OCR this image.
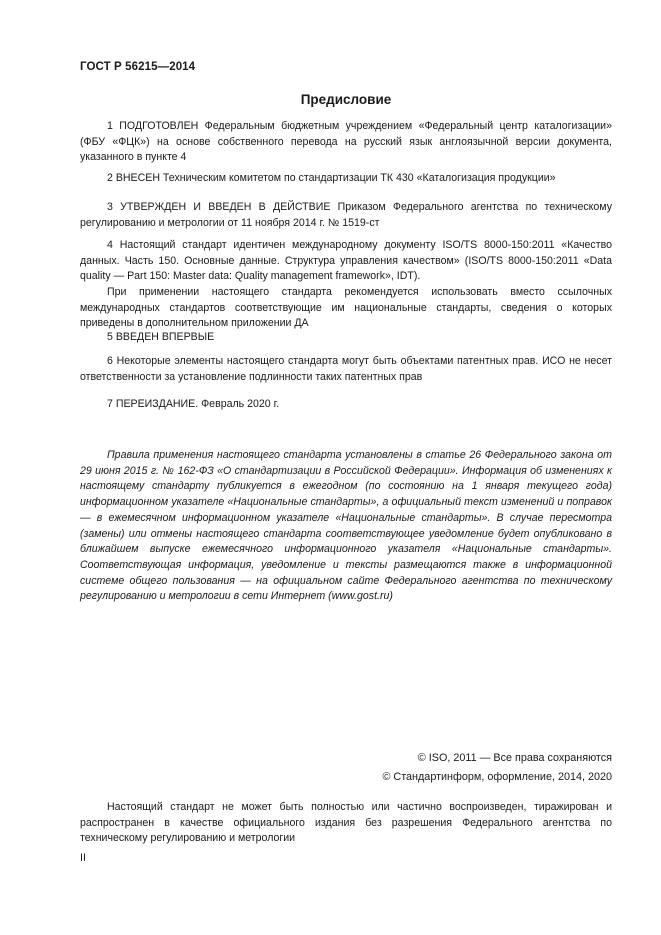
ГОСТ Р 56215—2014
Предисловие

1 ПОДГОТОВЛЕН Федеральным бюджетным учреждением «Федеральный центр каталогизации» (ФБУ «ФЦК») на основе собственного перевода на русский язык англоязычной версии документа, указанного в пункте 4

2 ВНЕСЕН Техническим комитетом по стандартизации ТК 430 «Каталогизация продукции»

3 УТВЕРЖДЕН И ВВЕДЕН В ДЕЙСТВИЕ Приказом Федерального агентства по техническому регулированию и метрологии от 11 ноября 2014 г. № 1519-ст

4 Настоящий стандарт идентичен международному документу ISO/TS 8000-150:2011 «Качество данных. Часть 150. Основные данные. Структура управления качеством» (ISO/TS 8000-150:2011 «Data quality — Part 150: Master data: Quality management framework», IDT).

При применении настоящего стандарта рекомендуется использовать вместо ссылочных международных стандартов соответствующие им национальные стандарты, сведения о которых приведены в дополнительном приложении ДА

5 ВВЕДЕН ВПЕРВЫЕ

6 Некоторые элементы настоящего стандарта могут быть объектами патентных прав. ИСО не несет ответственности за установление подлинности таких патентных прав

7 ПЕРЕИЗДАНИЕ. Февраль 2020 г.

Правила применения настоящего стандарта установлены в статье 26 Федерального закона от 29 июня 2015 г. № 162-ФЗ «О стандартизации в Российской Федерации». Информация об изменениях к настоящему стандарту публикуется в ежегодном (по состоянию на 1 января текущего года) информационном указателе «Национальные стандарты», а официальный текст изменений и поправок — в ежемесячном информационном указателе «Национальные стандарты». В случае пересмотра (замены) или отмены настоящего стандарта соответствующее уведомление будет опубликовано в ближайшем выпуске ежемесячного информационного указателя «Национальные стандарты». Соответствующая информация, уведомление и тексты размещаются также в информационной системе общего пользования — на официальном сайте Федерального агентства по техническому регулированию и метрологии в сети Интернет (www.gost.ru)

© ISO, 2011 — Все права сохраняются
© Стандартинформ, оформление, 2014, 2020

Настоящий стандарт не может быть полностью или частично воспроизведен, тиражирован и распространен в качестве официального издания без разрешения Федерального агентства по техническому регулированию и метрологии

II
